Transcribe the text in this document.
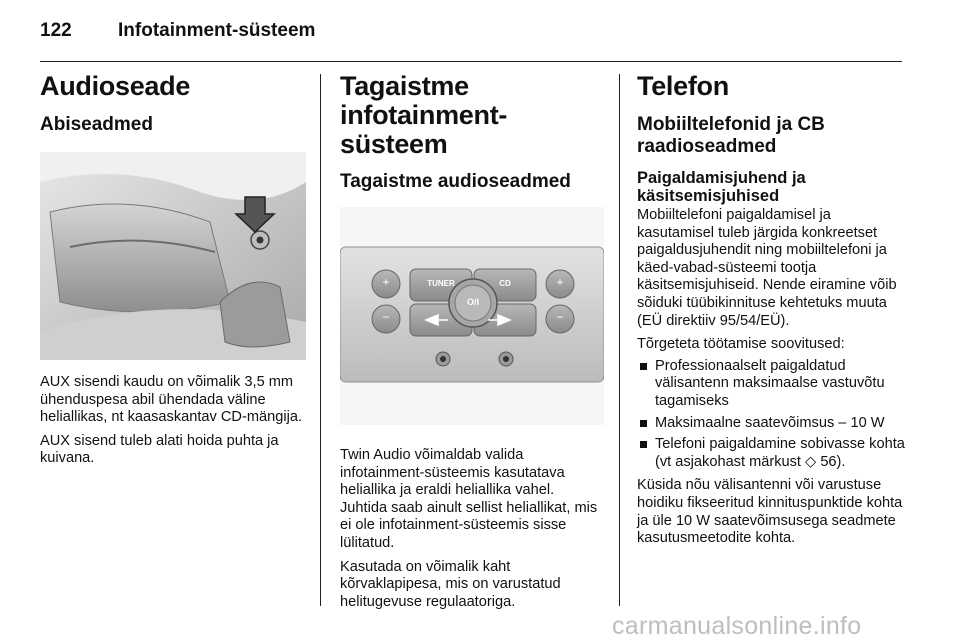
122 Infotainment-süsteem
Audioseade
Abiseadmed

AUX sisendi kaudu on võimalik 3,5 mm ühenduspesa abil ühendada väline heliallikas, nt kaasaskantav CD-mängija.

AUX sisend tuleb alati hoida puhta ja kuivana.

Tagaistme infotainment-süsteem
Tagaistme audioseadmed
TUNER	CD
O/I
+
−
+
−

Twin Audio võimaldab valida infotainment-süsteemis kasutatava heliallika ja eraldi heliallika vahel. Juhtida saab ainult sellist heliallikat, mis ei ole infotainment-süsteemis sisse lülitatud.

Kasutada on võimalik kaht kõrvaklapipesa, mis on varustatud helitugevuse regulaatoriga.

Telefon
Mobiiltelefonid ja CB raadioseadmed
Paigaldamisjuhend ja käsitsemisjuhised

Mobiiltelefoni paigaldamisel ja kasutamisel tuleb järgida konkreetset paigaldusjuhendit ning mobiiltelefoni ja käed-vabad-süsteemi tootja käsitsemisjuhiseid. Nende eiramine võib sõiduki tüübikinnituse kehtetuks muuta (EÜ direktiiv 95/54/EÜ).

Tõrgeteta töötamise soovitused:

Professionaalselt paigaldatud välisantenn maksimaalse vastuvõtu tagamiseks
Maksimaalne saatevõimsus – 10 W
Telefoni paigaldamine sobivasse kohta (vt asjakohast märkust ◇ 56).

Küsida nõu välisantenni või varustuse hoidiku fikseeritud kinnituspunktide kohta ja üle 10 W saatevõimsusega seadmete kasutusmeetodite kohta.

carmanualsonline.info
